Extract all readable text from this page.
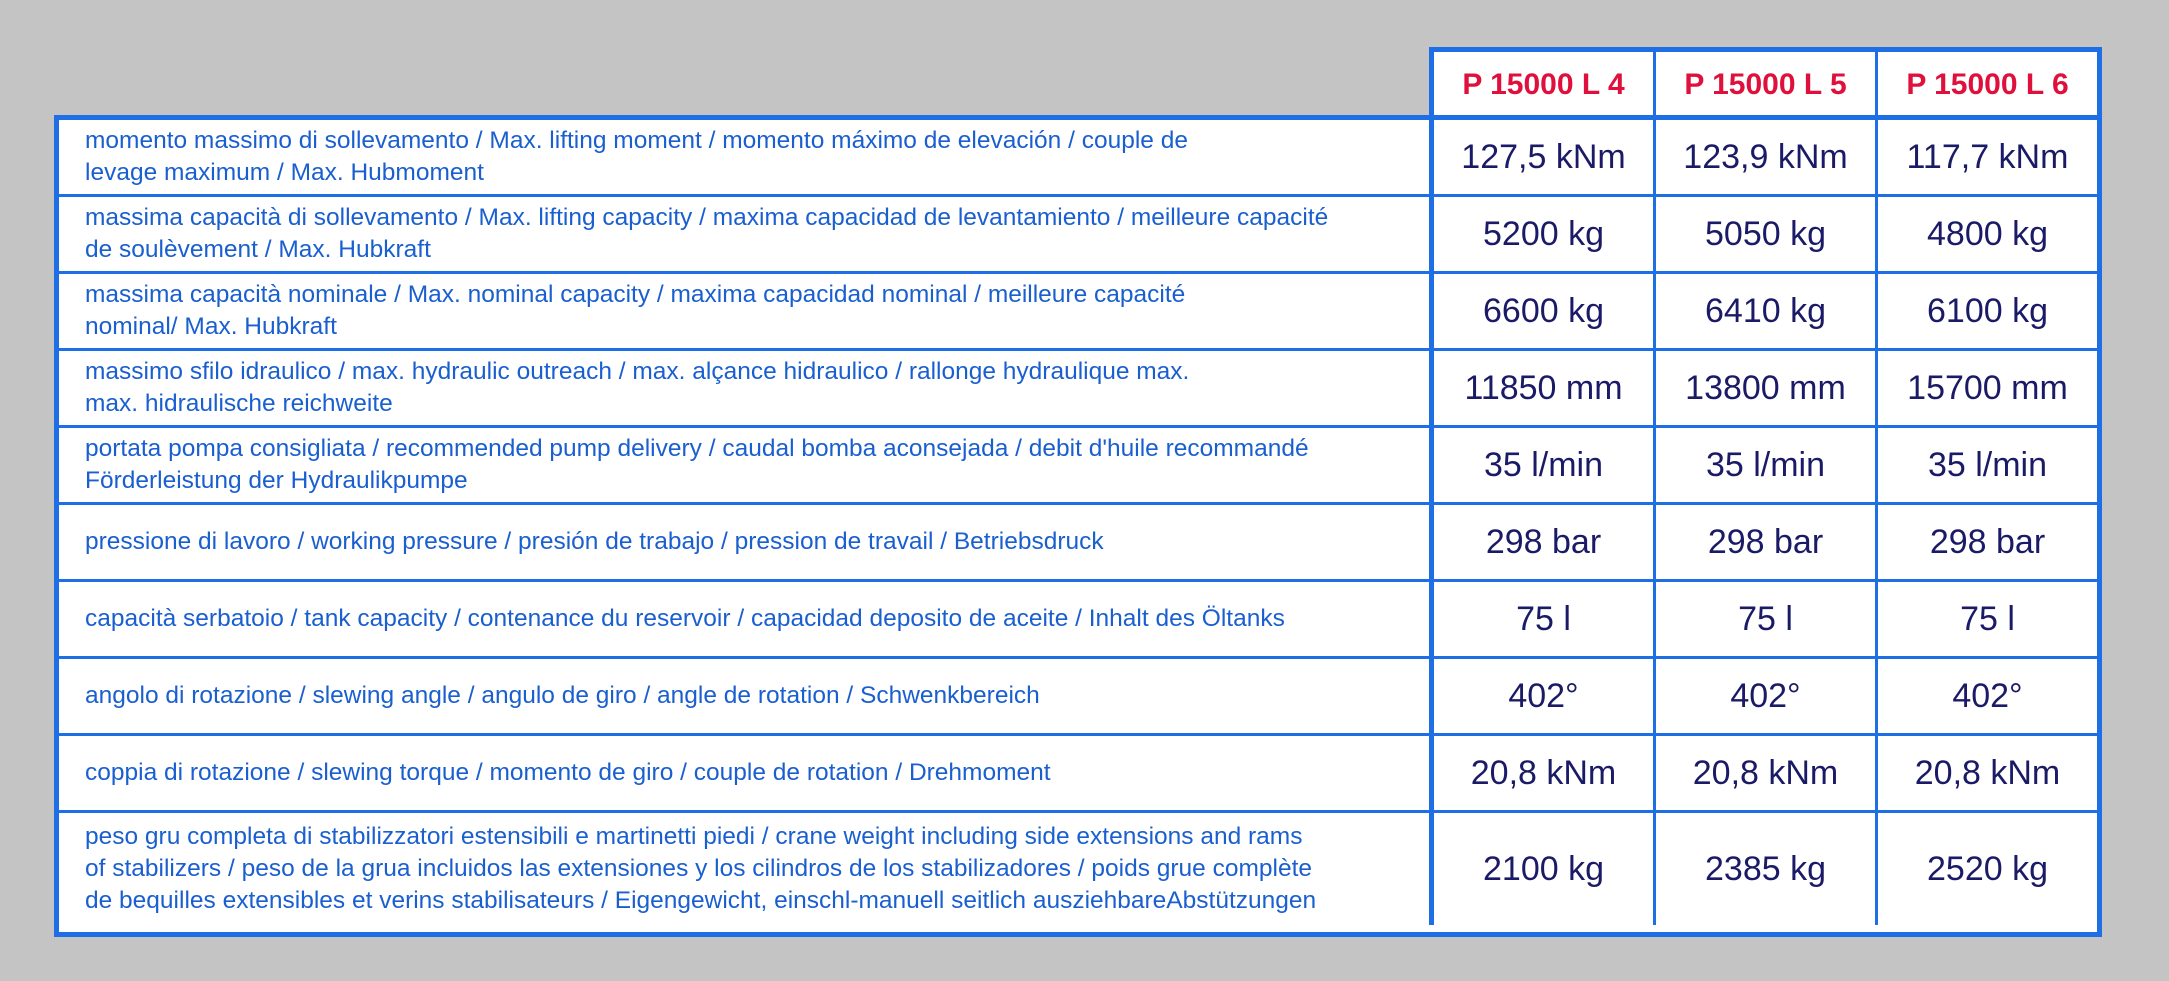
P 15000 L 4	P 15000 L 5	P 15000 L 6
momento massimo di sollevamento / Max. lifting moment / momento máximo de elevación / couple de
levage maximum / Max. Hubmoment	127,5 kNm	123,9 kNm	117,7 kNm
massima capacità di sollevamento / Max. lifting capacity / maxima capacidad de levantamiento / meilleure capacité
de soulèvement / Max. Hubkraft	5200 kg	5050 kg	4800 kg
massima capacità nominale / Max. nominal capacity / maxima capacidad nominal / meilleure capacité
nominal/ Max. Hubkraft	6600 kg	6410 kg	6100 kg
massimo sfilo idraulico / max. hydraulic outreach / max. alçance hidraulico / rallonge hydraulique max.
max. hidraulische reichweite	11850 mm	13800 mm	15700 mm
portata pompa consigliata / recommended pump delivery / caudal bomba aconsejada / debit d'huile recommandé
Förderleistung der Hydraulikpumpe	35 l/min	35 l/min	35 l/min
pressione di lavoro / working pressure / presión de trabajo / pression de travail / Betriebsdruck	298 bar	298 bar	298 bar
capacità serbatoio / tank capacity / contenance du reservoir / capacidad deposito de aceite / Inhalt des Öltanks	75 l	75 l	75 l
angolo di rotazione / slewing angle / angulo de giro / angle de rotation / Schwenkbereich	402°	402°	402°
coppia di rotazione / slewing torque / momento de giro / couple de rotation / Drehmoment	20,8 kNm	20,8 kNm	20,8 kNm
peso gru completa di stabilizzatori estensibili e martinetti piedi / crane weight including side extensions and rams
of stabilizers / peso de la grua incluidos las extensiones y los cilindros de los stabilizadores / poids grue complète
de bequilles extensibles et verins stabilisateurs / Eigengewicht, einschl-manuell seitlich ausziehbareAbstützungen
2100 kg	2385 kg	2520 kg
